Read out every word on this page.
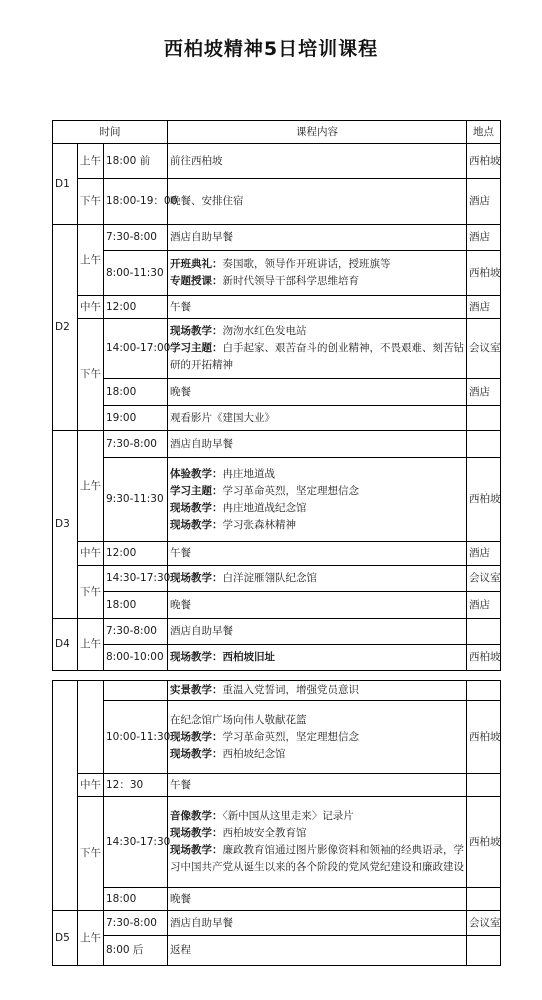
西柏坡精神5日培训课程
时间			课程内容	地点
D1	上午	18:00 前	前往西柏坡	西柏坡
	下午	18:00-19：00	晚餐、安排住宿	酒店
D2	上午	7:30-8:00	酒店自助早餐	酒店
		8:00-11:30	开班典礼：奏国歌，领导作开班讲话，授班旗等
专题授课：新时代领导干部科学思维培育	西柏坡
	中午	12:00	午餐	酒店
	下午	14:00-17:00	现场教学：沕沕水红色发电站
学习主题：白手起家、艰苦奋斗的创业精神，不畏艰难、刻苦钻研的开拓精神	会议室
		18:00	晚餐	酒店
		19:00	观看影片《建国大业》	
D3	上午	7:30-8:00	酒店自助早餐	
		9:30-11:30	体验教学：冉庄地道战
学习主题：学习革命英烈，坚定理想信念
现场教学：冉庄地道战纪念馆
现场教学：学习张森林精神	西柏坡
	中午	12:00	午餐	酒店
	下午	14:30-17:30	现场教学：白洋淀雁翎队纪念馆	会议室
		18:00	晚餐	酒店
D4	上午	7:30-8:00	酒店自助早餐	
		8:00-10:00	现场教学：西柏坡旧址	西柏坡

			实景教学：重温入党誓词，增强党员意识	

		10:00-11:30	在纪念馆广场向伟人敬献花篮
现场教学：学习革命英烈，坚定理想信念
现场教学：西柏坡纪念馆	西柏坡
	中午	12：30	午餐	
	下午	14:30-17:30	音像教学：〈新中国从这里走来〉记录片
现场教学：西柏坡安全教育馆
现场教学：廉政教育馆通过图片影像资料和领袖的经典语录，学习中国共产党从诞生以来的各个阶段的党风党纪建设和廉政建设	西柏坡
		18:00	晚餐	
D5	上午	7:30-8:00	酒店自助早餐	会议室
		8:00 后	返程	
